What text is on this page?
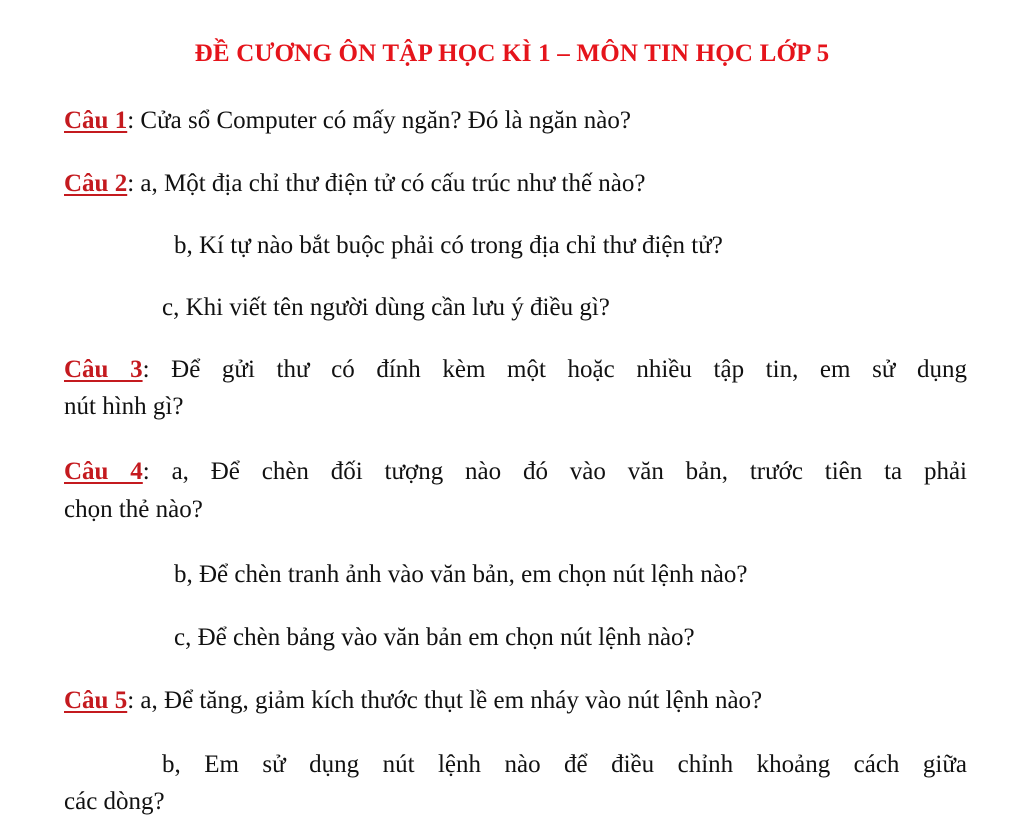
ĐỀ CƯƠNG ÔN TẬP HỌC KÌ 1 – MÔN TIN HỌC LỚP 5
Câu 1: Cửa sổ Computer có mấy ngăn? Đó là ngăn nào?
Câu 2: a, Một địa chỉ thư điện tử có cấu trúc như thế nào?
b, Kí tự nào bắt buộc phải có trong địa chỉ thư điện tử?
c, Khi viết tên người dùng cần lưu ý điều gì?
Câu 3: Để gửi thư có đính kèm một hoặc nhiều tập tin, em sử dụng
nút hình gì?
Câu 4: a, Để chèn đối tượng nào đó vào văn bản, trước tiên ta phải
chọn thẻ nào?
b, Để chèn tranh ảnh vào văn bản, em chọn nút lệnh nào?
c, Để chèn bảng vào văn bản em chọn nút lệnh nào?
Câu 5: a, Để tăng, giảm kích thước thụt lề em nháy vào nút lệnh nào?
b, Em sử dụng nút lệnh nào để điều chỉnh khoảng cách giữa
các dòng?
